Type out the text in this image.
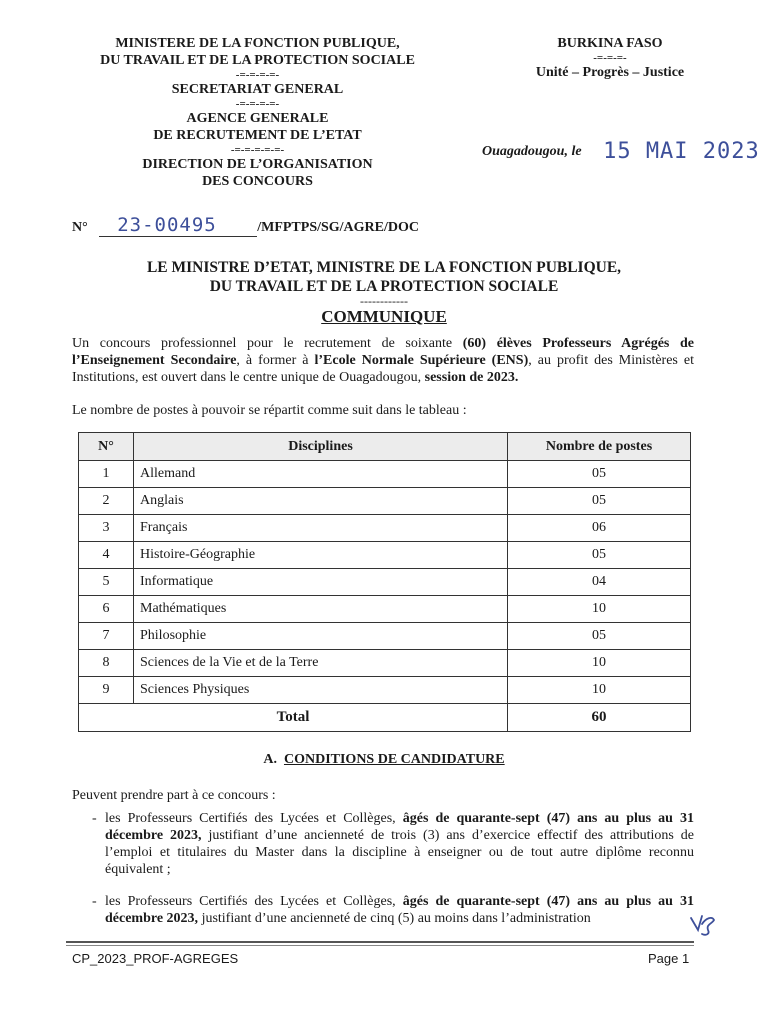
MINISTERE DE LA FONCTION PUBLIQUE,
DU TRAVAIL ET DE LA PROTECTION SOCIALE
-=-=-=-=-
SECRETARIAT GENERAL
-=-=-=-=-
AGENCE GENERALE
DE RECRUTEMENT DE L’ETAT
-=-=-=-=-=-
DIRECTION DE L’ORGANISATION
DES CONCOURS
BURKINA FASO
-=-=-=-
Unité – Progrès – Justice
Ouagadougou, le 15 MAI 2023
N° 23-00495	/MFPTPS/SG/AGRE/DOC
LE MINISTRE D’ETAT, MINISTRE DE LA FONCTION PUBLIQUE,
DU TRAVAIL ET DE LA PROTECTION SOCIALE
------------
COMMUNIQUE
Un concours professionnel pour le recrutement de soixante (60) élèves Professeurs Agrégés de l’Enseignement Secondaire, à former à l’Ecole Normale Supérieure (ENS), au profit des Ministères et Institutions, est ouvert dans le centre unique de Ouagadougou, session de 2023.
Le nombre de postes à pouvoir se répartit comme suit dans le tableau :
N°	Disciplines	Nombre de postes
1	Allemand	05
2	Anglais	05
3	Français	06
4	Histoire-Géographie	05
5	Informatique	04
6	Mathématiques	10
7	Philosophie	05
8	Sciences de la Vie et de la Terre	10
9	Sciences Physiques	10
Total		60
A. CONDITIONS DE CANDIDATURE
Peuvent prendre part à ce concours :
- les Professeurs Certifiés des Lycées et Collèges, âgés de quarante-sept (47) ans au plus au 31 décembre 2023, justifiant d’une ancienneté de trois (3) ans d’exercice effectif des attributions de l’emploi et titulaires du Master dans la discipline à enseigner ou de tout autre diplôme reconnu équivalent ;
- les Professeurs Certifiés des Lycées et Collèges, âgés de quarante-sept (47) ans au plus au 31 décembre 2023, justifiant d’une ancienneté de cinq (5) au moins dans l’administration
CP_2023_PROF-AGREGES	Page 1
